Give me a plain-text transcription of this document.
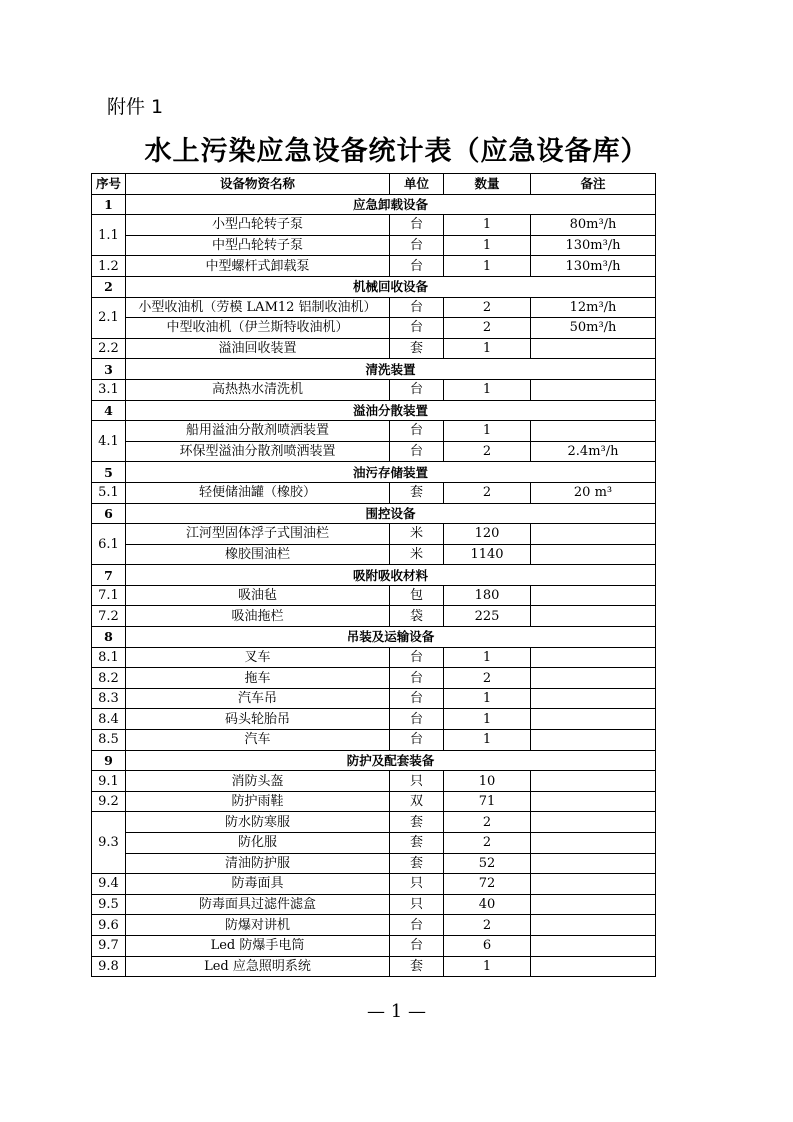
附件 1
水上污染应急设备统计表（应急设备库）
序号	设备物资名称	单位	数量	备注
1	应急卸载设备			
1.1	小型凸轮转子泵	台	1	80m³/h
	中型凸轮转子泵	台	1	130m³/h
1.2	中型螺杆式卸载泵	台	1	130m³/h
2	机械回收设备			
2.1	小型收油机（劳模 LAM12 铝制收油机）	台	2	12m³/h
	中型收油机（伊兰斯特收油机）	台	2	50m³/h
2.2	溢油回收装置	套	1	
3	清洗装置			
3.1	高热热水清洗机	台	1	
4	溢油分散装置			
4.1	船用溢油分散剂喷洒装置	台	1	
	环保型溢油分散剂喷洒装置	台	2	2.4m³/h
5	油污存储装置			
5.1	轻便储油罐（橡胶）	套	2	20 m³
6	围控设备			
6.1	江河型固体浮子式围油栏	米	120	
	橡胶围油栏	米	1140	
7	吸附吸收材料			
7.1	吸油毡	包	180	
7.2	吸油拖栏	袋	225	
8	吊装及运输设备			
8.1	叉车	台	1	
8.2	拖车	台	2	
8.3	汽车吊	台	1	
8.4	码头轮胎吊	台	1	
8.5	汽车	台	1	
9	防护及配套装备			
9.1	消防头盔	只	10	
9.2	防护雨鞋	双	71	
9.3	防水防寒服	套	2	
	防化服	套	2	
	清油防护服	套	52	
9.4	防毒面具	只	72	
9.5	防毒面具过滤件滤盒	只	40	
9.6	防爆对讲机	台	2	
9.7	Led 防爆手电筒	台	6	
9.8	Led 应急照明系统	套	1	
— 1 —
